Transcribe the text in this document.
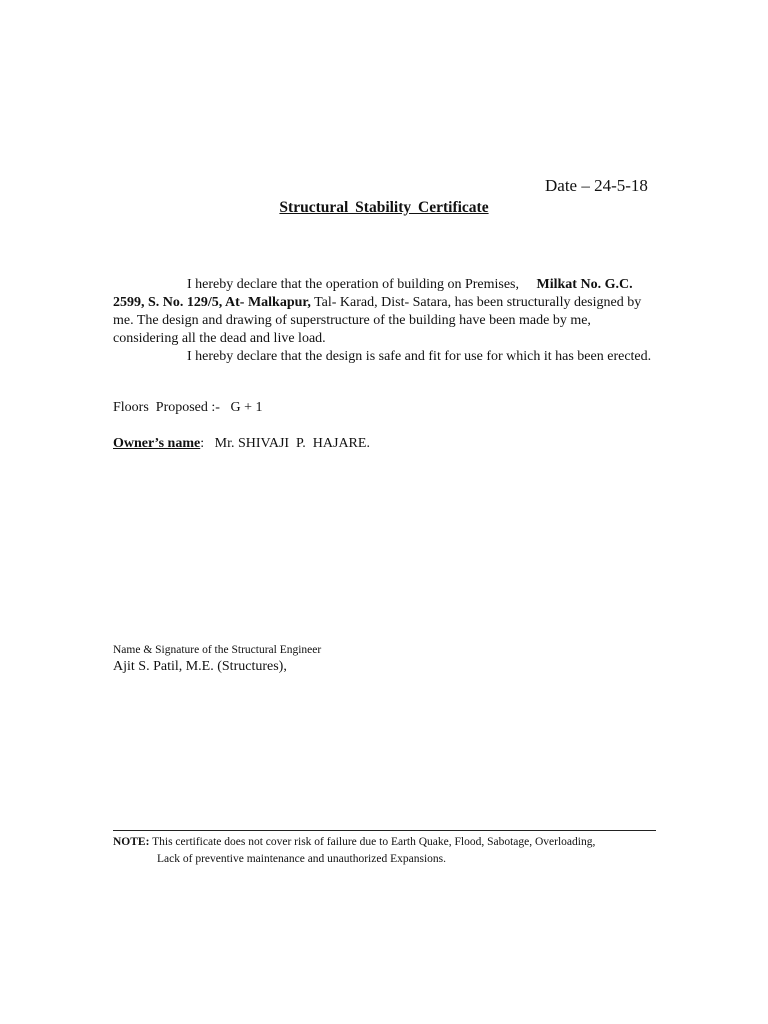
Date – 24-5-18
Structural Stability Certificate

I hereby declare that the operation of building on Premises, Milkat No. G.C. 2599, S. No. 129/5, At- Malkapur, Tal- Karad, Dist- Satara, has been structurally designed by me. The design and drawing of superstructure of the building have been made by me, considering all the dead and live load.

I hereby declare that the design is safe and fit for use for which it has been erected.

Floors  Proposed :- G + 1
Owner’s name: Mr. SHIVAJI  P.  HAJARE.
Name & Signature of the Structural Engineer
Ajit S. Patil, M.E. (Structures),
NOTE: This certificate does not cover risk of failure due to Earth Quake, Flood, Sabotage, Overloading,
Lack of preventive maintenance and unauthorized Expansions.
